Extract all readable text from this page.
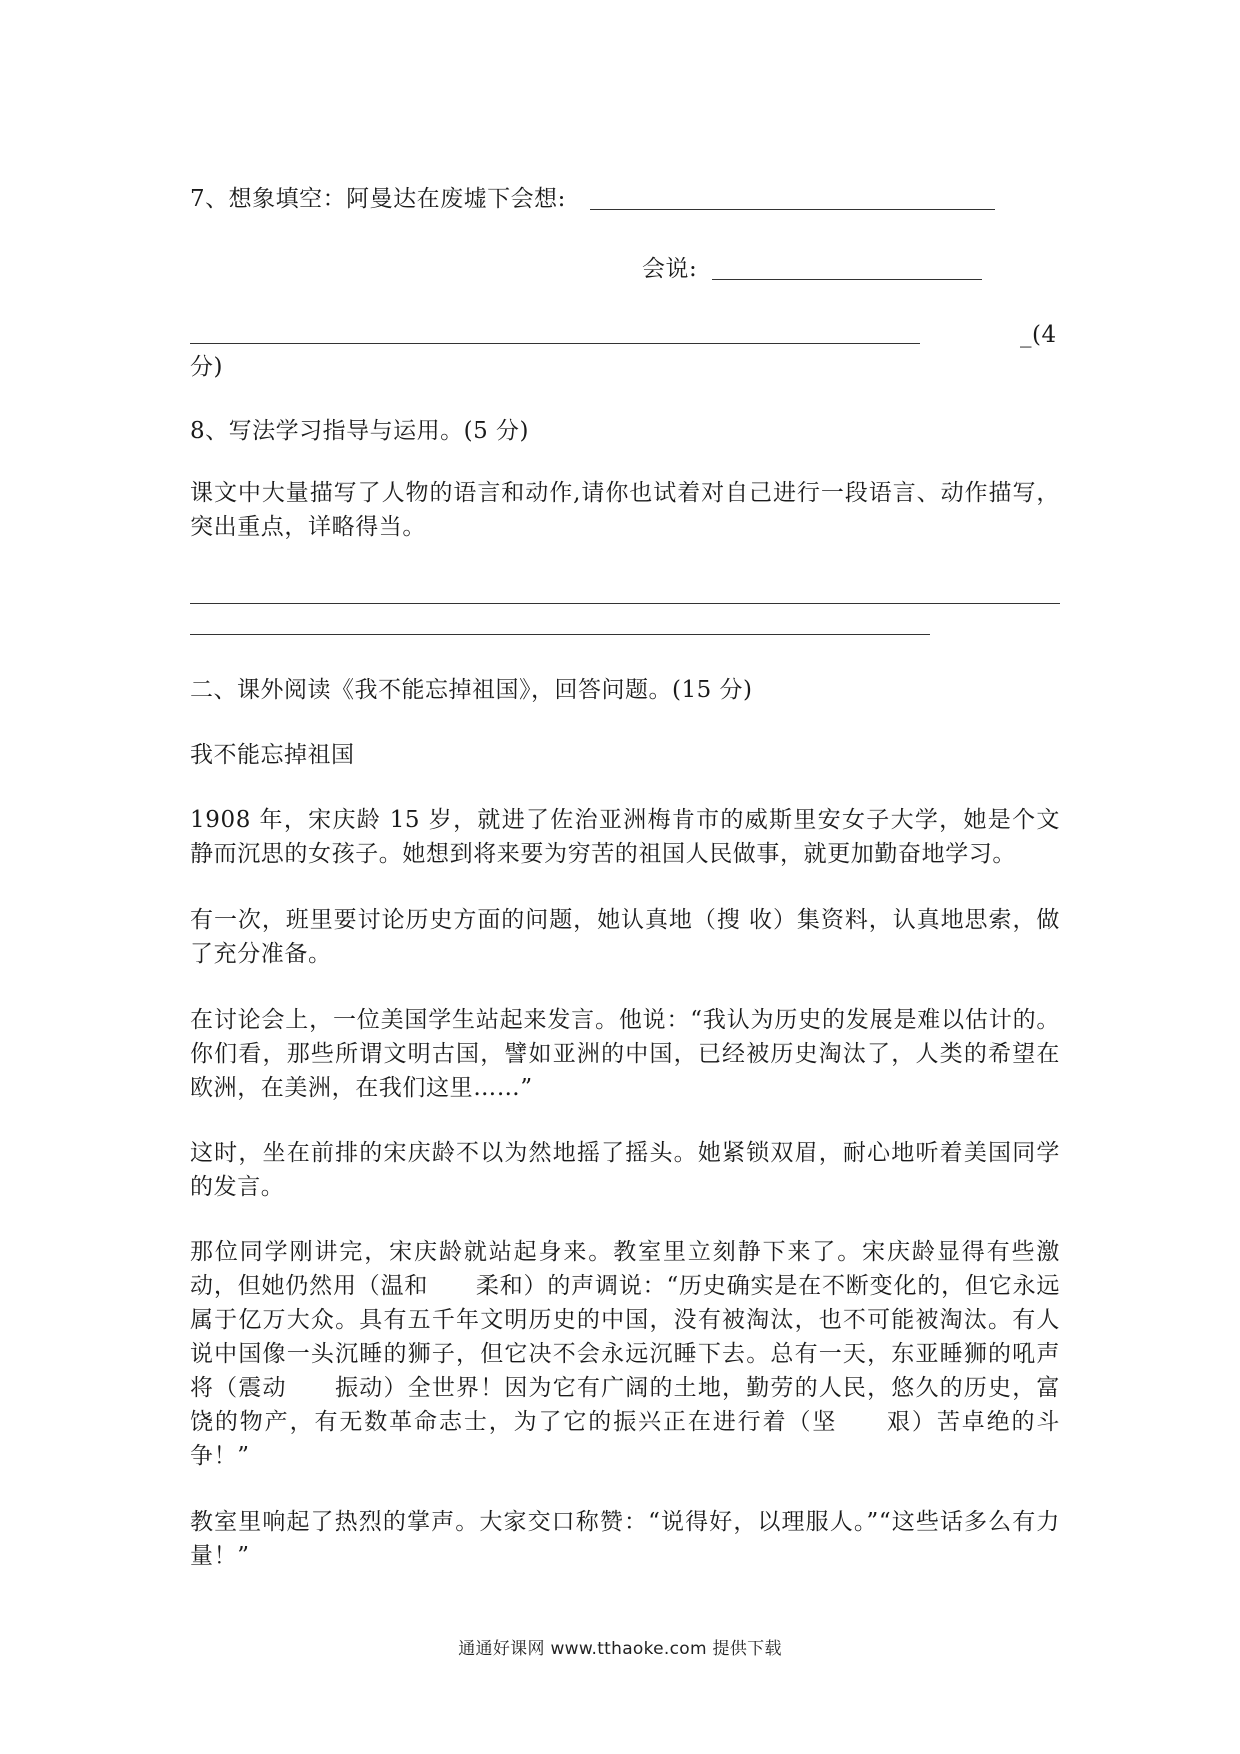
7、想象填空：阿曼达在废墟下会想:
会说:
_(4
分)
8、写法学习指导与运用。(5 分)
课文中大量描写了人物的语言和动作,请你也试着对自己进行一段语言、动作描写，突出重点，详略得当。
二、课外阅读《我不能忘掉祖国》，回答问题。(15 分)
我不能忘掉祖国
1908 年，宋庆龄 15 岁，就进了佐治亚洲梅肯市的威斯里安女子大学，她是个文静而沉思的女孩子。她想到将来要为穷苦的祖国人民做事，就更加勤奋地学习。
有一次，班里要讨论历史方面的问题，她认真地（搜 收）集资料，认真地思索，做了充分准备。
在讨论会上，一位美国学生站起来发言。他说：“我认为历史的发展是难以估计的。你们看，那些所谓文明古国，譬如亚洲的中国，已经被历史淘汰了，人类的希望在欧洲，在美洲，在我们这里……”
这时，坐在前排的宋庆龄不以为然地摇了摇头。她紧锁双眉，耐心地听着美国同学的发言。
那位同学刚讲完，宋庆龄就站起身来。教室里立刻静下来了。宋庆龄显得有些激动，但她仍然用（温和　　柔和）的声调说：“历史确实是在不断变化的，但它永远属于亿万大众。具有五千年文明历史的中国，没有被淘汰，也不可能被淘汰。有人说中国像一头沉睡的狮子，但它决不会永远沉睡下去。总有一天，东亚睡狮的吼声将（震动　　振动）全世界！因为它有广阔的土地，勤劳的人民，悠久的历史，富饶的物产，有无数革命志士，为了它的振兴正在进行着（坚　　艰）苦卓绝的斗争！”
教室里响起了热烈的掌声。大家交口称赞：“说得好，以理服人。”“这些话多么有力量！”
通通好课网 www.tthaoke.com 提供下载
